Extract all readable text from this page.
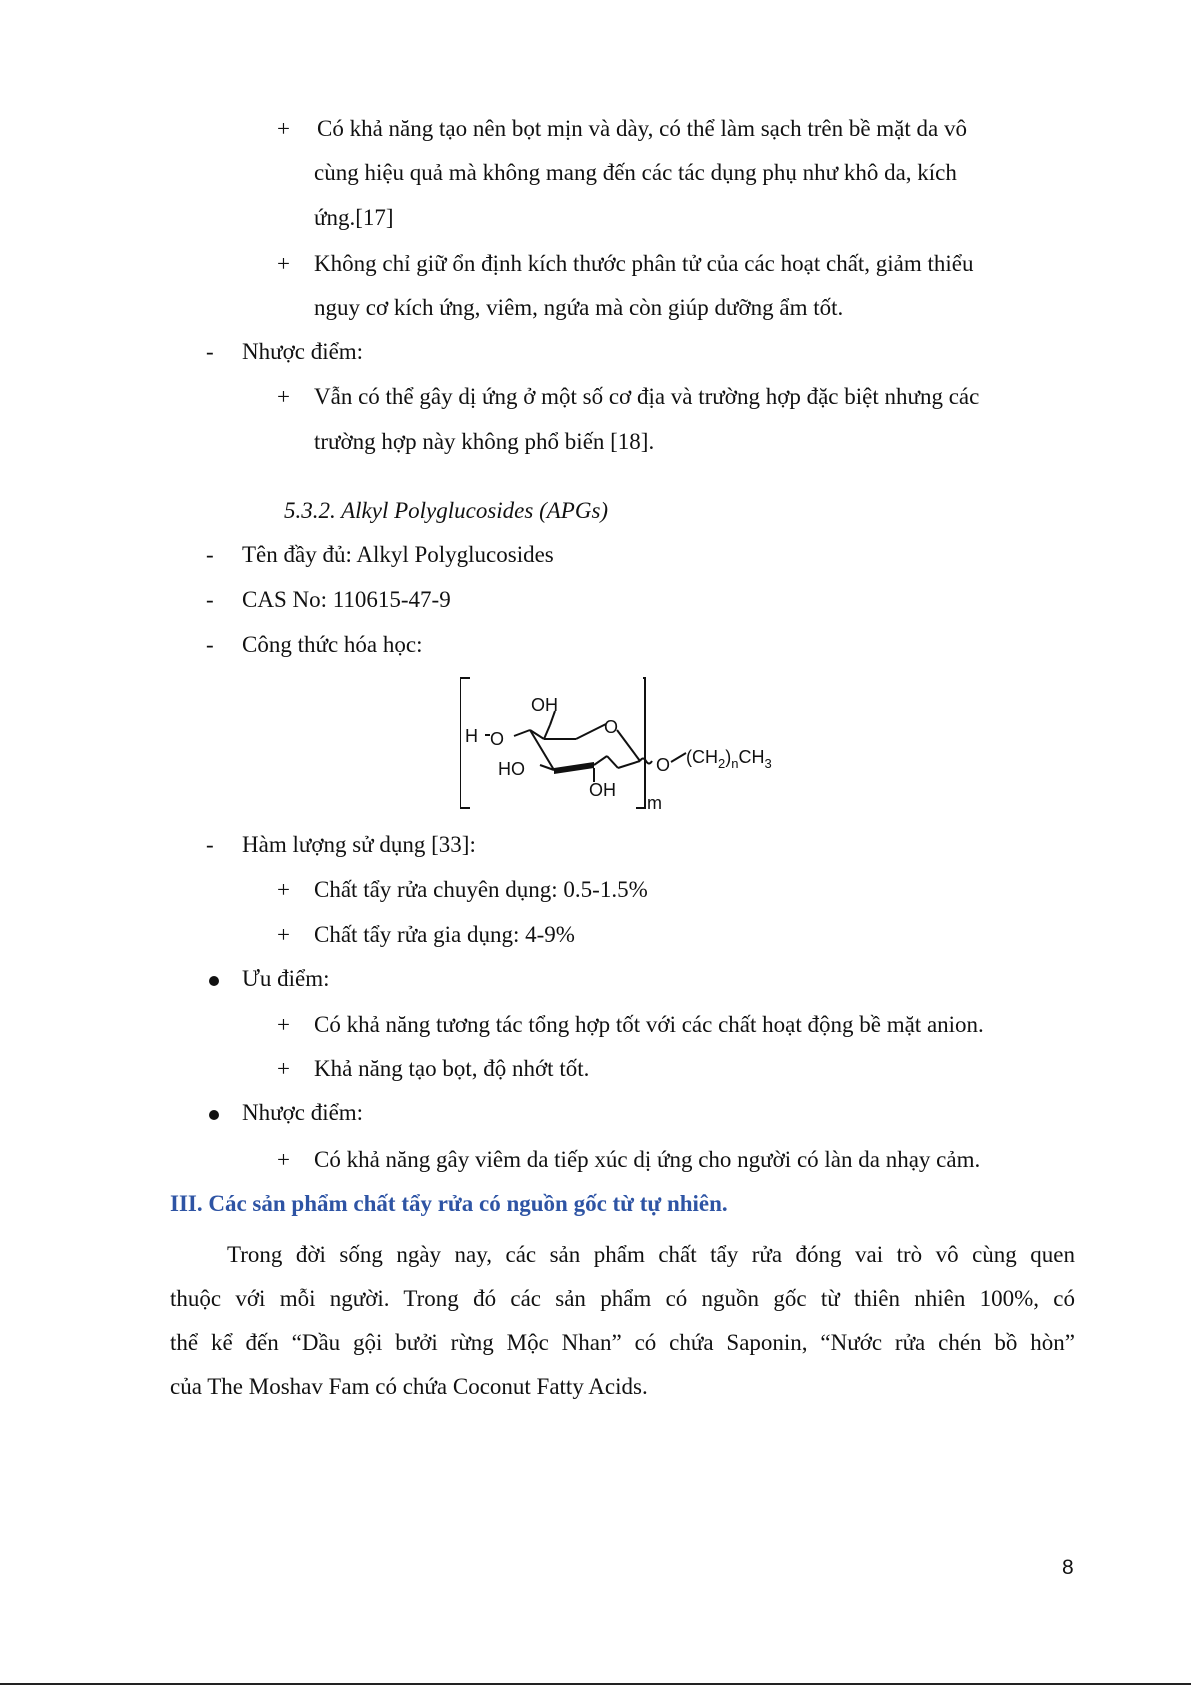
+ Có khả năng tạo nên bọt mịn và dày, có thể làm sạch trên bề mặt da vô
cùng hiệu quả mà không mang đến các tác dụng phụ như khô da, kích
ứng.[17]
+ Không chỉ giữ ổn định kích thước phân tử của các hoạt chất, giảm thiểu
nguy cơ kích ứng, viêm, ngứa mà còn giúp dưỡng ẩm tốt.
- Nhược điểm:
+ Vẫn có thể gây dị ứng ở một số cơ địa và trường hợp đặc biệt nhưng các
trường hợp này không phổ biến [18].
5.3.2. Alkyl Polyglucosides (APGs)
- Tên đầy đủ: Alkyl Polyglucosides
- CAS No: 110615-47-9
- Công thức hóa học:
OH
H O
O
HO
OH
O $(CH_2)_nCH_3$
m
- Hàm lượng sử dụng [33]:
+ Chất tẩy rửa chuyên dụng: 0.5-1.5%
+ Chất tẩy rửa gia dụng: 4-9%
Ưu điểm:
+ Có khả năng tương tác tổng hợp tốt với các chất hoạt động bề mặt anion.
+ Khả năng tạo bọt, độ nhớt tốt.
Nhược điểm:
+ Có khả năng gây viêm da tiếp xúc dị ứng cho người có làn da nhạy cảm.
III. Các sản phẩm chất tẩy rửa có nguồn gốc từ tự nhiên.
Trong đời sống ngày nay, các sản phẩm chất tẩy rửa đóng vai trò vô cùng quen
thuộc với mỗi người. Trong đó các sản phẩm có nguồn gốc từ thiên nhiên 100%, có
thể kể đến “Dầu gội bưởi rừng Mộc Nhan” có chứa Saponin, “Nước rửa chén bồ hòn”
của The Moshav Fam có chứa Coconut Fatty Acids.
8
